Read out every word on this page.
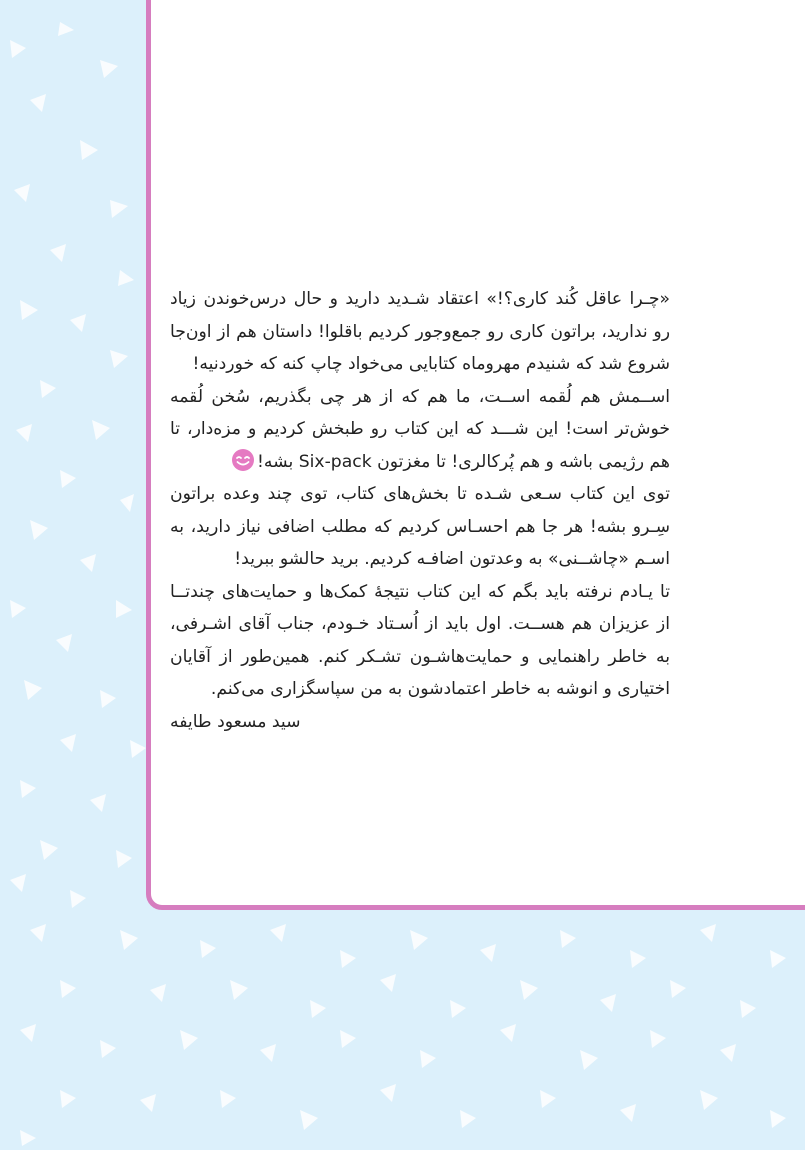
«چـرا عاقل کُند کاری؟!» اعتقاد شـدید دارید و حال درس‌خوندن زیاد رو ندارید، براتون کاری رو جمع‌وجور کردیم باقلوا! داستان هم از اون‌جا شروع شد که شنیدم مهروماه کتابایی می‌خواد چاپ کنه که خوردنیه!

اســمش هم لُقمه اســت، ما هم که از هر چی بگذریم، سُخن لُقمه خوش‌تر است! این شـــد که این کتاب رو طبخش کردیم و مزه‌دار، تا هم رژیمی باشه و هم پُرکالری! تا مغزتون Six-pack بشه!

توی این کتاب سـعی شـده تا بخش‌های کتاب، توی چند وعده براتون سِـرو بشه! هر جا هم احسـاس کردیم که مطلب اضافی نیاز دارید، به اسـم «چاشــنی» به وعدتون اضافـه کردیم. برید حالشو ببرید!

تا یـادم نرفته باید بگم که این کتاب نتیجهٔ کمک‌ها و حمایت‌های چندتــا از عزیزان هم هســت. اول باید از اُسـتاد خـودم، جناب آقای اشـرفی، به خاطر راهنمایی و حمایت‌هاشـون تشـکر کنم. همین‌طور از آقایان اختیاری و انوشه به خاطر اعتمادشون به من سپاسگزاری می‌کنم.

سید مسعود طایفه
